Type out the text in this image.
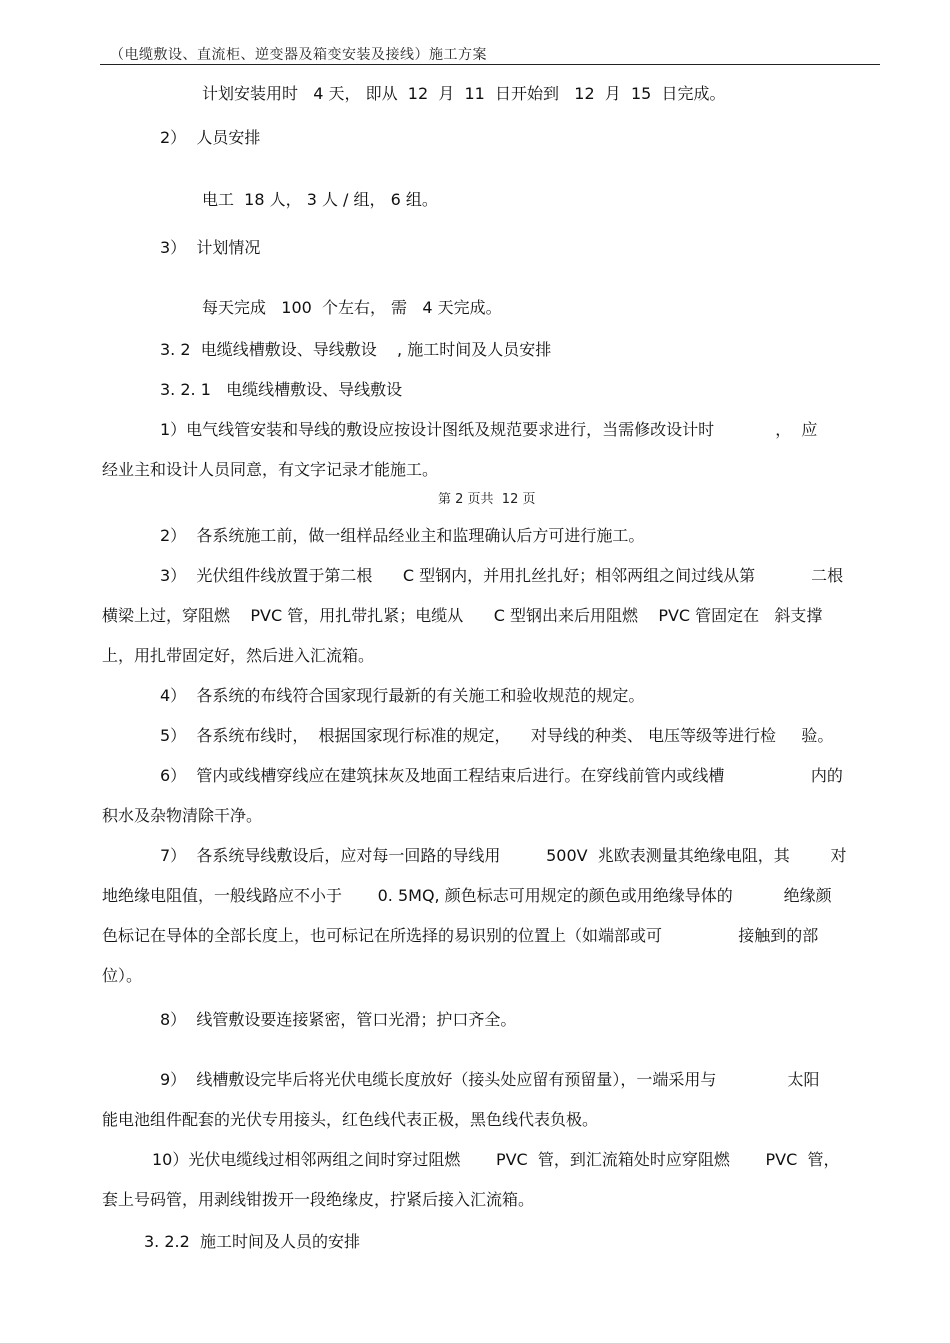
（电缆敷设、直流柜、逆变器及箱变安装及接线）施工方案
计划安装用时   4 天， 即从  12  月  11  日开始到   12  月  15  日完成。
2）  人员安排
电工  18 人， 3 人 / 组， 6 组。
3）  计划情况
每天完成   100  个左右， 需   4 天完成。
3. 2  电缆线槽敷设、导线敷设    , 施工时间及人员安排
3. 2. 1   电缆线槽敷设、导线敷设
1）电气线管安装和导线的敷设应按设计图纸及规范要求进行，当需修改设计时            ，  应
经业主和设计人员同意，有文字记录才能施工。
第 2 页共  12 页
2）  各系统施工前，做一组样品经业主和监理确认后方可进行施工。
3）  光伏组件线放置于第二根      C 型钢内，并用扎丝扎好；相邻两组之间过线从第           二根
横梁上过，穿阻燃    PVC 管，用扎带扎紧；电缆从      C 型钢出来后用阻燃    PVC 管固定在   斜支撑
上，用扎带固定好，然后进入汇流箱。
4）  各系统的布线符合国家现行最新的有关施工和验收规范的规定。
5）  各系统布线时，  根据国家现行标准的规定，    对导线的种类、 电压等级等进行检     验。
6）  管内或线槽穿线应在建筑抹灰及地面工程结束后进行。在穿线前管内或线槽                 内的
积水及杂物清除干净。
7）  各系统导线敷设后，应对每一回路的导线用         500V  兆欧表测量其绝缘电阻，其        对
地绝缘电阻值，一般线路应不小于       0. 5MQ, 颜色标志可用规定的颜色或用绝缘导体的          绝缘颜
色标记在导体的全部长度上，也可标记在所选择的易识别的位置上（如端部或可               接触到的部
位）。
8）  线管敷设要连接紧密，管口光滑；护口齐全。
9）  线槽敷设完毕后将光伏电缆长度放好（接头处应留有预留量），一端采用与              太阳
能电池组件配套的光伏专用接头，红色线代表正极，黑色线代表负极。
10）光伏电缆线过相邻两组之间时穿过阻燃       PVC  管，到汇流箱处时应穿阻燃       PVC  管，
套上号码管，用剥线钳拨开一段绝缘皮，拧紧后接入汇流箱。
3. 2.2  施工时间及人员的安排
